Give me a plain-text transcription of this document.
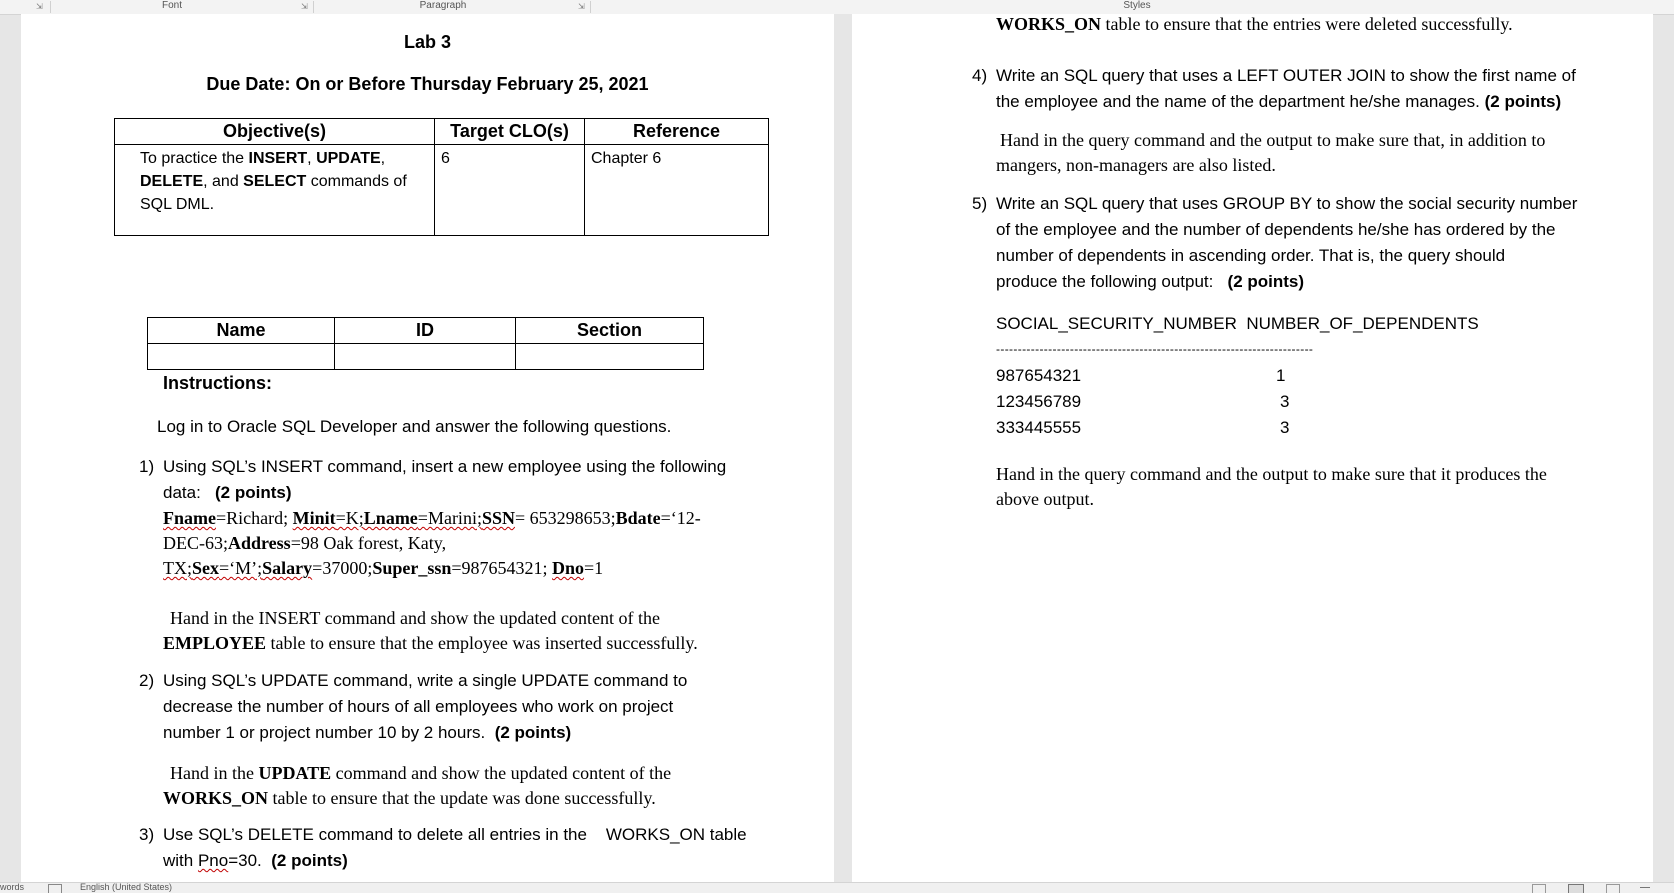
⇲	Font	⇲	Paragraph	⇲	Styles
Lab 3
Due Date: On or Before Thursday February 25, 2021
Objective(s)	Target CLO(s)	Reference
To practice the INSERT, UPDATE,
DELETE, and SELECT commands of
SQL DML.	6	Chapter 6
Name	ID	Section

Instructions:
Log in to Oracle SQL Developer and answer the following questions.
1) Using SQL’s INSERT command, insert a new employee using the following
data: (2 points)
Fname=Richard; Minit=K;Lname=Marini;SSN= 653298653;Bdate=‘12-
DEC-63;Address=98 Oak forest, Katy,
TX;Sex=‘M’;Salary=37000;Super_ssn=987654321; Dno=1
Hand in the INSERT command and show the updated content of the
EMPLOYEE table to ensure that the employee was inserted successfully.
2) Using SQL’s UPDATE command, write a single UPDATE command to
decrease the number of hours of all employees who work on project
number 1 or project number 10 by 2 hours. (2 points)
Hand in the UPDATE command and show the updated content of the
WORKS_ON table to ensure that the update was done successfully.
3) Use SQL’s DELETE command to delete all entries in the    WORKS_ON table
with Pno=30. (2 points)
WORKS_ON table to ensure that the entries were deleted successfully.
4) Write an SQL query that uses a LEFT OUTER JOIN to show the first name of
the employee and the name of the department he/she manages. (2 points)
Hand in the query command and the output to make sure that, in addition to
mangers, non-managers are also listed.
5) Write an SQL query that uses GROUP BY to show the social security number
of the employee and the number of dependents he/she has ordered by the
number of dependents in ascending order. That is, the query should
produce the following output: (2 points)
SOCIAL_SECURITY_NUMBER  NUMBER_OF_DEPENDENTS
-------------------------------------------------------------------------
987654321	1
123456789	3
333445555	3
Hand in the query command and the output to make sure that it produces the
above output.
words	English (United States)
